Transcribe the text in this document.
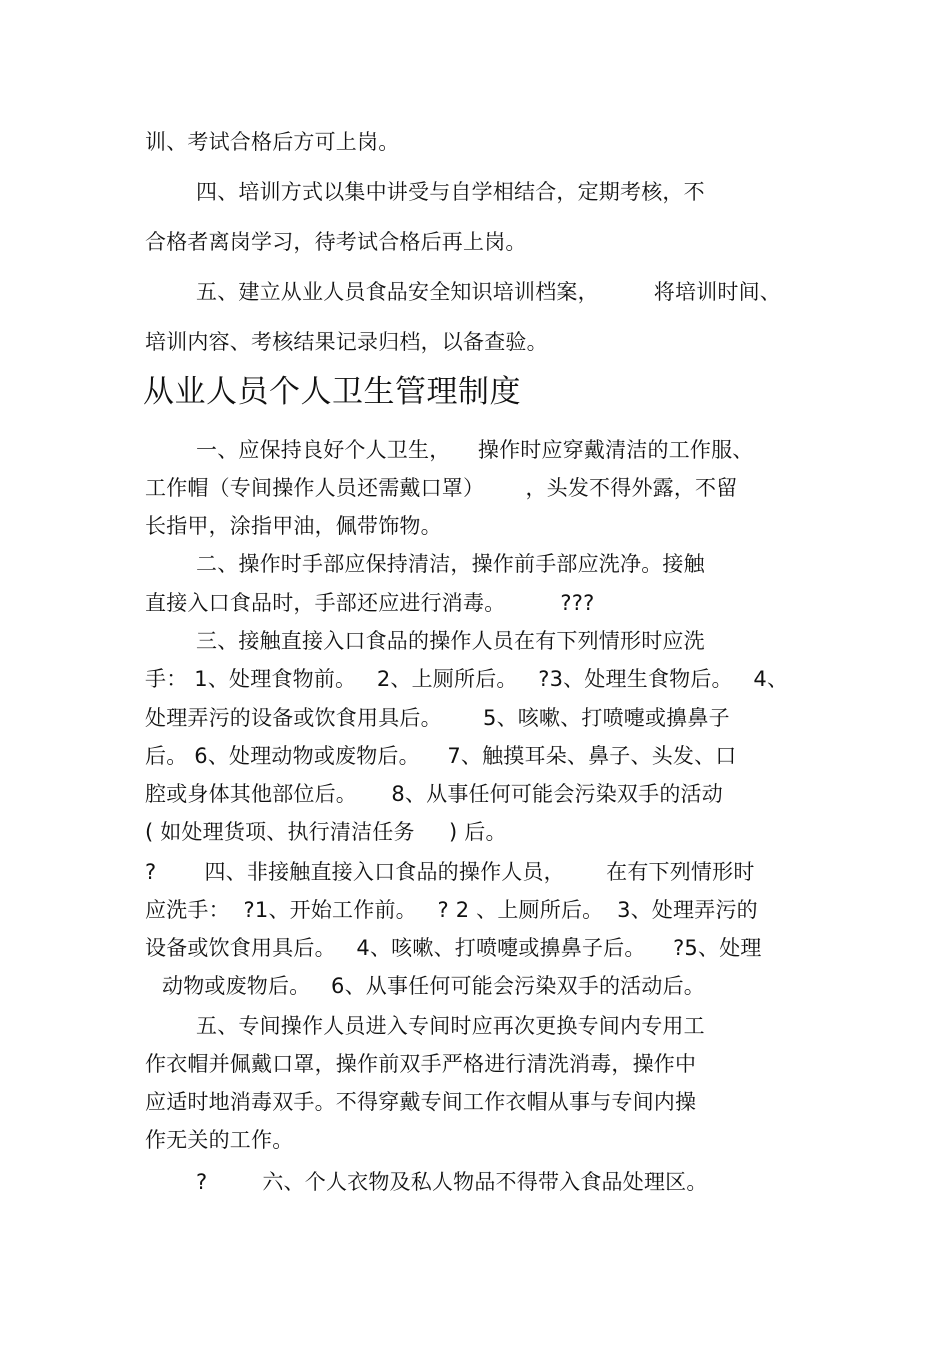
训、考试合格后方可上岗。
四、培训方式以集中讲受与自学相结合，定期考核，不
合格者离岗学习，待考试合格后再上岗。
五、建立从业人员食品安全知识培训档案，        将培训时间、
培训内容、考核结果记录归档，以备查验。
从业人员个人卫生管理制度
一、应保持良好个人卫生，    操作时应穿戴清洁的工作服、
工作帽（专间操作人员还需戴口罩）      ，头发不得外露，不留
长指甲，涂指甲油，佩带饰物。
二、操作时手部应保持清洁，操作前手部应洗净。接触
直接入口食品时，手部还应进行消毒。        ???
三、接触直接入口食品的操作人员在有下列情形时应洗
手： 1、处理食物前。   2、上厕所后。   ?3、处理生食物后。   4、
处理弄污的设备或饮食用具后。      5、咳嗽、打喷嚏或擤鼻子
后。 6、处理动物或废物后。    7、触摸耳朵、鼻子、头发、口
腔或身体其他部位后。     8、从事任何可能会污染双手的活动
( 如处理货项、执行清洁任务     ) 后。
?       四、非接触直接入口食品的操作人员，      在有下列情形时
应洗手：  ?1、开始工作前。   ? 2 、上厕所后。  3、处理弄污的
设备或饮食用具后。   4、咳嗽、打喷嚏或擤鼻子后。    ?5、处理
动物或废物后。   6、从事任何可能会污染双手的活动后。
五、专间操作人员进入专间时应再次更换专间内专用工
作衣帽并佩戴口罩，操作前双手严格进行清洗消毒，操作中
应适时地消毒双手。不得穿戴专间工作衣帽从事与专间内操
作无关的工作。
?        六、个人衣物及私人物品不得带入食品处理区。
